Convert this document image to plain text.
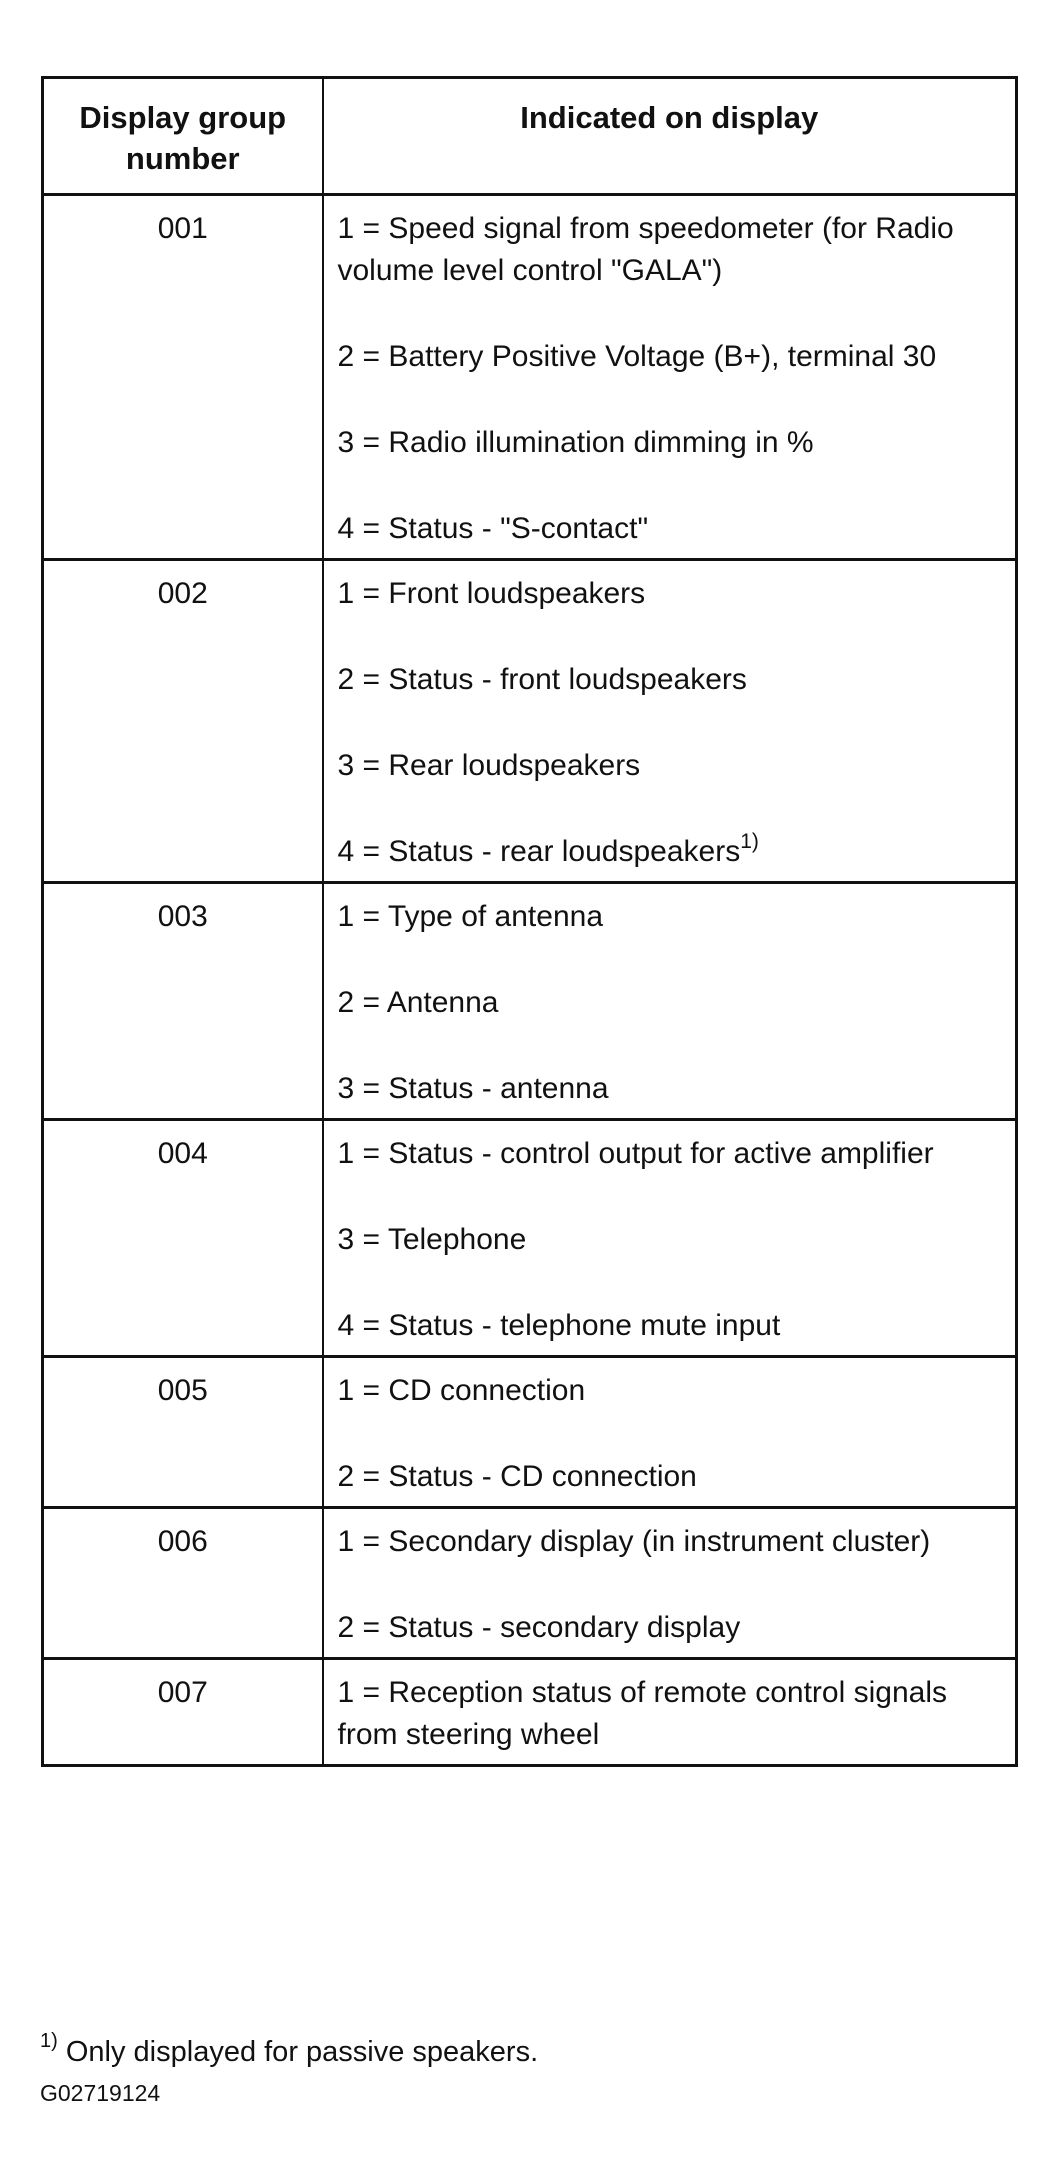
Display group number	Indicated on display
001	1 = Speed signal from speedometer (for Radio volume level control "GALA")
2 = Battery Positive Voltage (B+), terminal 30
3 = Radio illumination dimming in %
4 = Status - "S-contact"

002	1 = Front loudspeakers
2 = Status - front loudspeakers
3 = Rear loudspeakers
4 = Status - rear loudspeakers$^{1)}$

003	1 = Type of antenna
2 = Antenna
3 = Status - antenna

004	1 = Status - control output for active amplifier
3 = Telephone
4 = Status - telephone mute input

005	1 = CD connection
2 = Status - CD connection

006	1 = Secondary display (in instrument cluster)
2 = Status - secondary display

007	1 = Reception status of remote control signals from steering wheel
$^{1)}$ Only displayed for passive speakers.
G02719124
